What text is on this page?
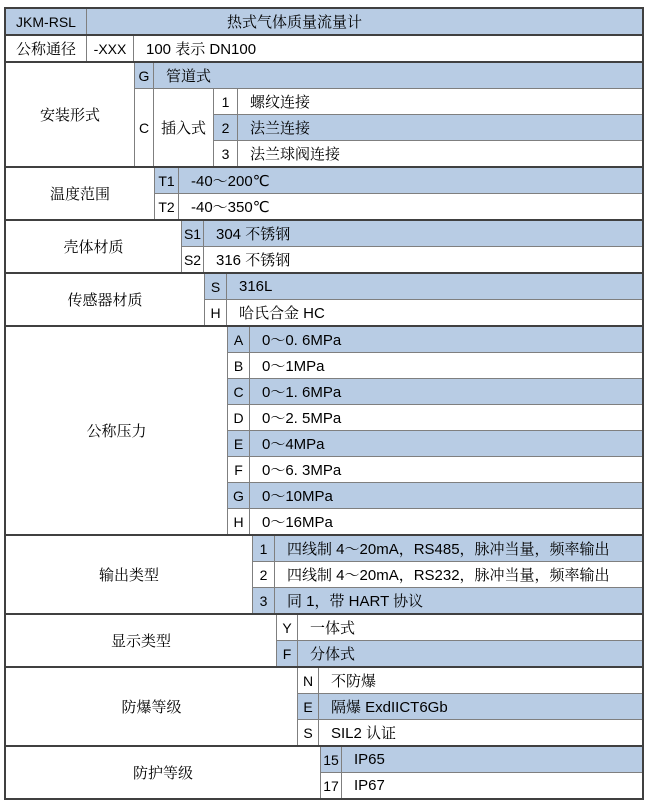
JKM-RSL	热式气体质量流量计
公称通径	-XXX	100 表示 DN100
安装形式
G	管道式
C 插入式
1	螺纹连接
2	法兰连接
3	法兰球阀连接
温度范围
T1	-40～200℃
T2	-40～350℃
壳体材质
S1 304 不锈钢
S2 316 不锈钢
传感器材质
S	316L
H	哈氏合金 HC
公称压力
A	0～0. 6MPa
B	0～1MPa
C	0～1. 6MPa
D	0～2. 5MPa
E	0～4MPa
F	0～6. 3MPa
G	0～10MPa
H	0～16MPa
输出类型
1	四线制 4～20mA，RS485，脉冲当量，频率输出
2	四线制 4～20mA，RS232，脉冲当量，频率输出
3	同 1，带 HART 协议
显示类型
Y	一体式
F	分体式
防爆等级
N	不防爆
E	隔爆 ExdIICT6Gb
S	SIL2 认证
防护等级
15	IP65
17	IP67
